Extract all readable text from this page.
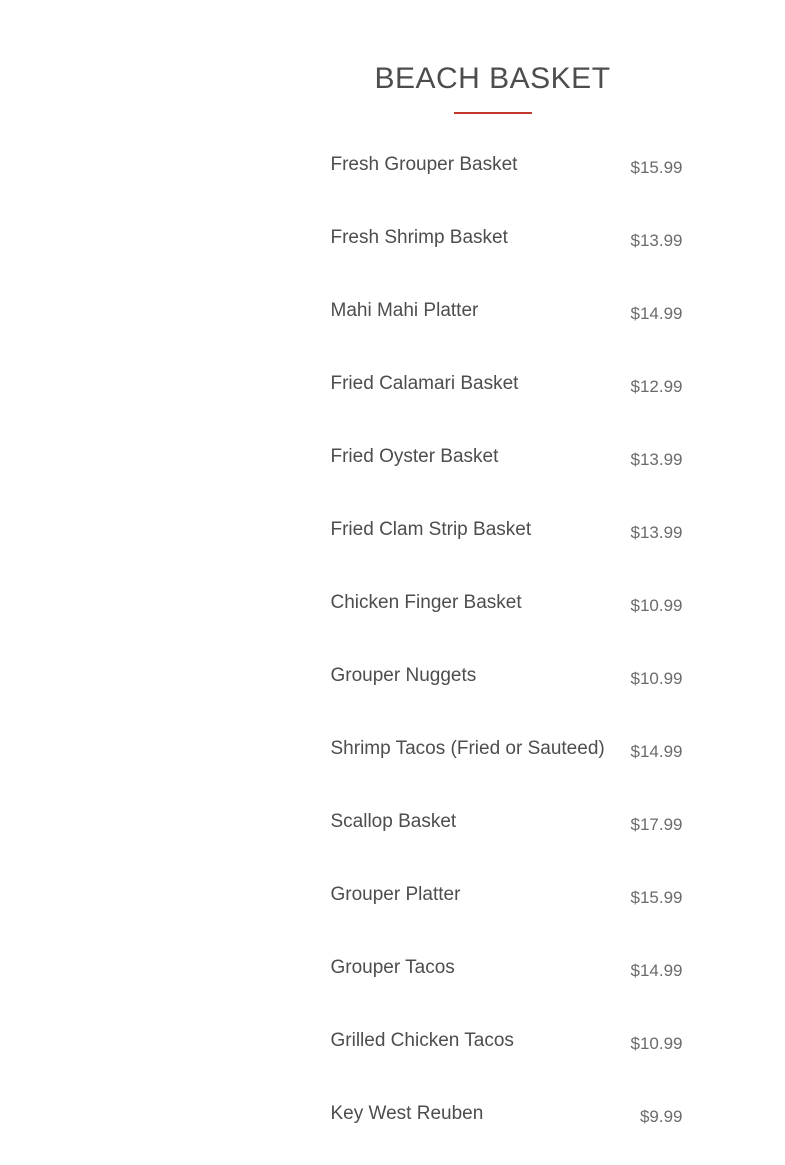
BEACH BASKET
Fresh Grouper Basket	$15.99
Fresh Shrimp Basket	$13.99
Mahi Mahi Platter	$14.99
Fried Calamari Basket	$12.99
Fried Oyster Basket	$13.99
Fried Clam Strip Basket	$13.99
Chicken Finger Basket	$10.99
Grouper Nuggets	$10.99
Shrimp Tacos (Fried or Sauteed) $14.99
Scallop Basket	$17.99
Grouper Platter	$15.99
Grouper Tacos	$14.99
Grilled Chicken Tacos	$10.99
Key West Reuben	$9.99
